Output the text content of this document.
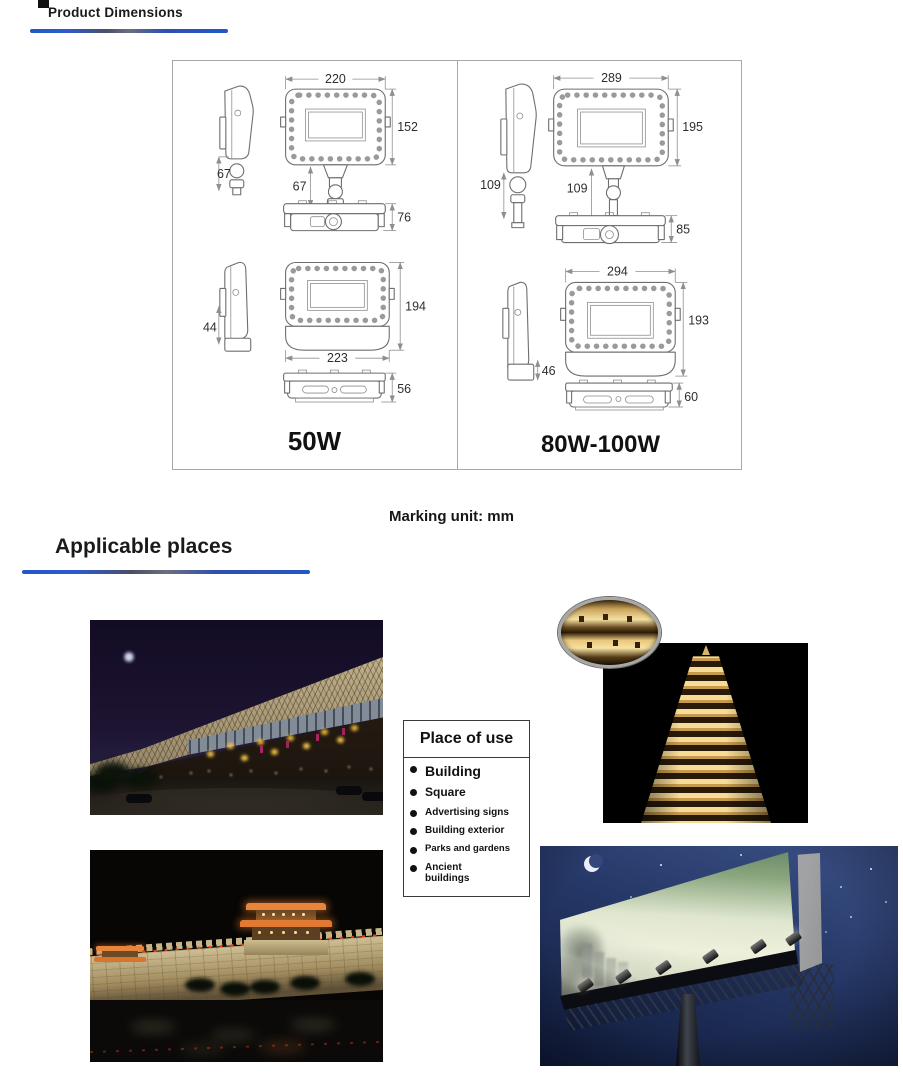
Product Dimensions
67
220
152
67
76
44
194
223
56
50W
109
289
195
109
85
46
294
193
60
80W-100W
Marking unit: mm
Applicable places
Place of use
Building
Square
Advertising signs
Building exterior
Parks and gardens
Ancient buildings
